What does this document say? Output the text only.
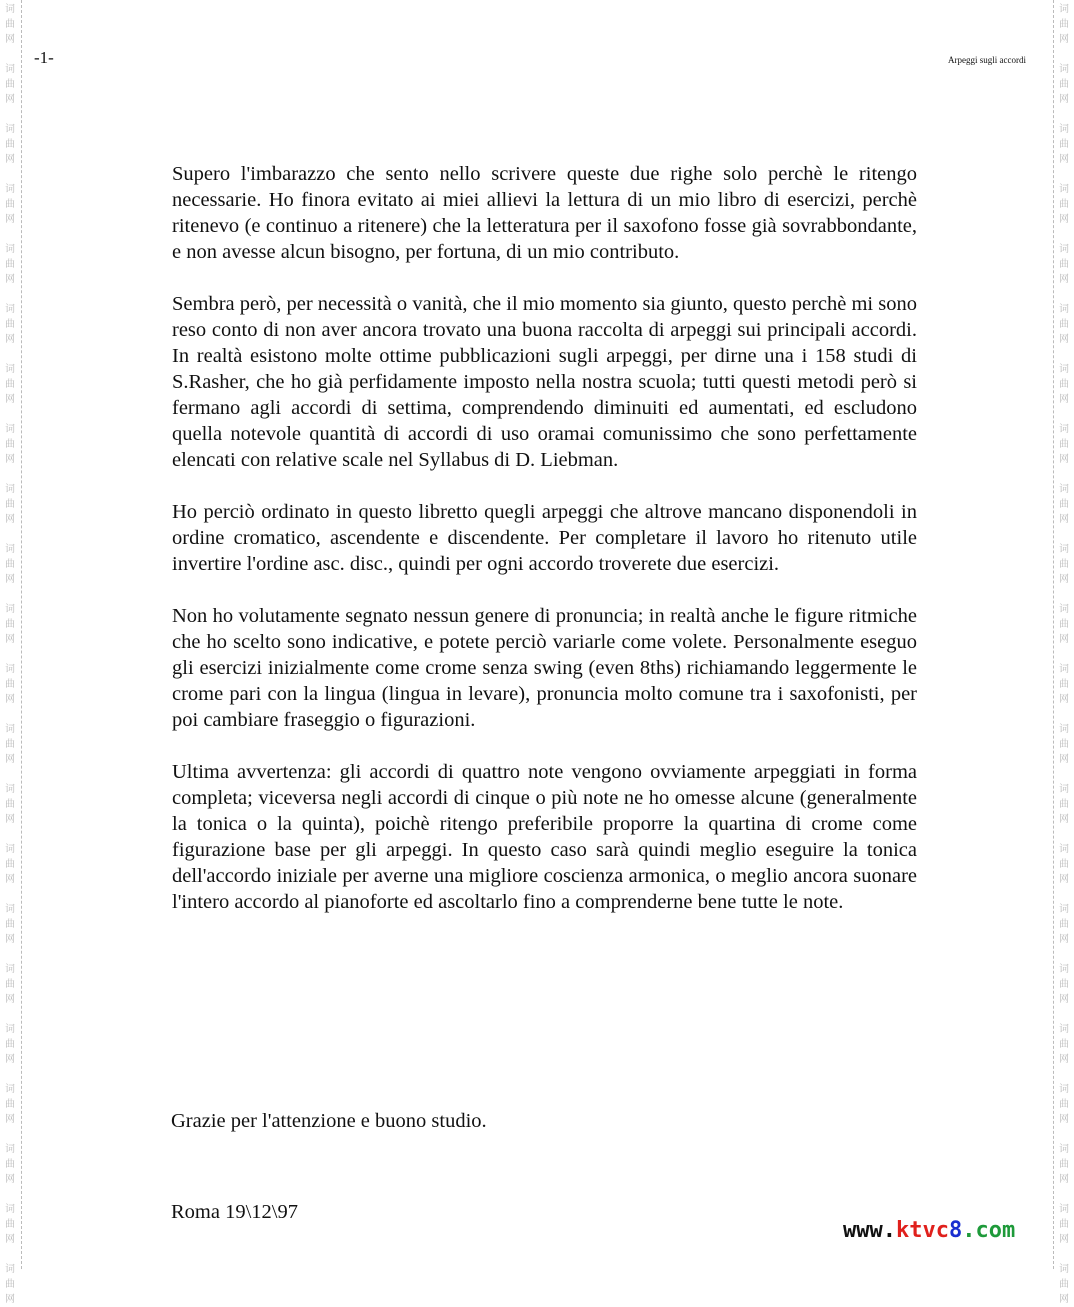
词
曲
网
词
曲
网
词
曲
网
词
曲
网
词
曲
网
词
曲
网
词
曲
网
词
曲
网
词
曲
网
词
曲
网
词
曲
网
词
曲
网
词
曲
网
词
曲
网
词
曲
网
词
曲
网
词
曲
网
词
曲
网
词
曲
网
词
曲
网
词
曲
网
词
曲
网
词
曲
网
词
曲
网
词
曲
网
词
曲
网
词
曲
网
词
曲
网
词
曲
网
词
曲
网
词
曲
网
词
曲
网
词
曲
网
词
曲
网
词
曲
网
词
曲
网
词
曲
网
词
曲
网
词
曲
网
词
曲
网
词
曲
网
词
曲
网
词
曲
网
词
曲
网
-1-	Arpeggi sugli accordi

Supero l'imbarazzo che sento nello scrivere queste due righe solo perchè le ritengo necessarie. Ho finora evitato ai miei allievi la lettura di un mio libro di esercizi, perchè ritenevo (e continuo a ritenere) che la letteratura per il saxofono fosse già sovrabbondante, e non avesse alcun bisogno, per fortuna, di un mio contributo.

Sembra però, per necessità o vanità, che il mio momento sia giunto, questo perchè mi sono reso conto di non aver ancora trovato una buona raccolta di arpeggi sui principali accordi. In realtà esistono molte ottime pubblicazioni sugli arpeggi, per dirne una i 158 studi di S.Rasher, che ho già perfidamente imposto nella nostra scuola; tutti questi metodi però si fermano agli accordi di settima, comprendendo diminuiti ed aumentati, ed escludono quella notevole quantità di accordi di uso oramai comunissimo che sono perfettamente elencati con relative scale nel Syllabus di D. Liebman.

Ho perciò ordinato in questo libretto quegli arpeggi che altrove mancano disponendoli in ordine cromatico, ascendente e discendente. Per completare il lavoro ho ritenuto utile invertire l'ordine asc. disc., quindi per ogni accordo troverete due esercizi.

Non ho volutamente segnato nessun genere di pronuncia; in realtà anche le figure ritmiche che ho scelto sono indicative, e potete perciò variarle come volete. Personalmente eseguo gli esercizi inizialmente come crome senza swing (even 8ths) richiamando leggermente le crome pari con la lingua (lingua in levare), pronuncia molto comune tra i saxofonisti, per poi cambiare fraseggio o figurazioni.

Ultima avvertenza: gli accordi di quattro note vengono ovviamente arpeggiati in forma completa; viceversa negli accordi di cinque o più note ne ho omesse alcune (generalmente la tonica o la quinta), poichè ritengo preferibile proporre la quartina di crome come figurazione base per gli arpeggi. In questo caso sarà quindi meglio eseguire la tonica dell'accordo iniziale per averne una migliore coscienza armonica, o meglio ancora suonare l'intero accordo al pianoforte ed ascoltarlo fino a comprenderne bene tutte le note.

Grazie per l'attenzione e buono studio.
Roma 19\12\97
www.ktvc8.com
